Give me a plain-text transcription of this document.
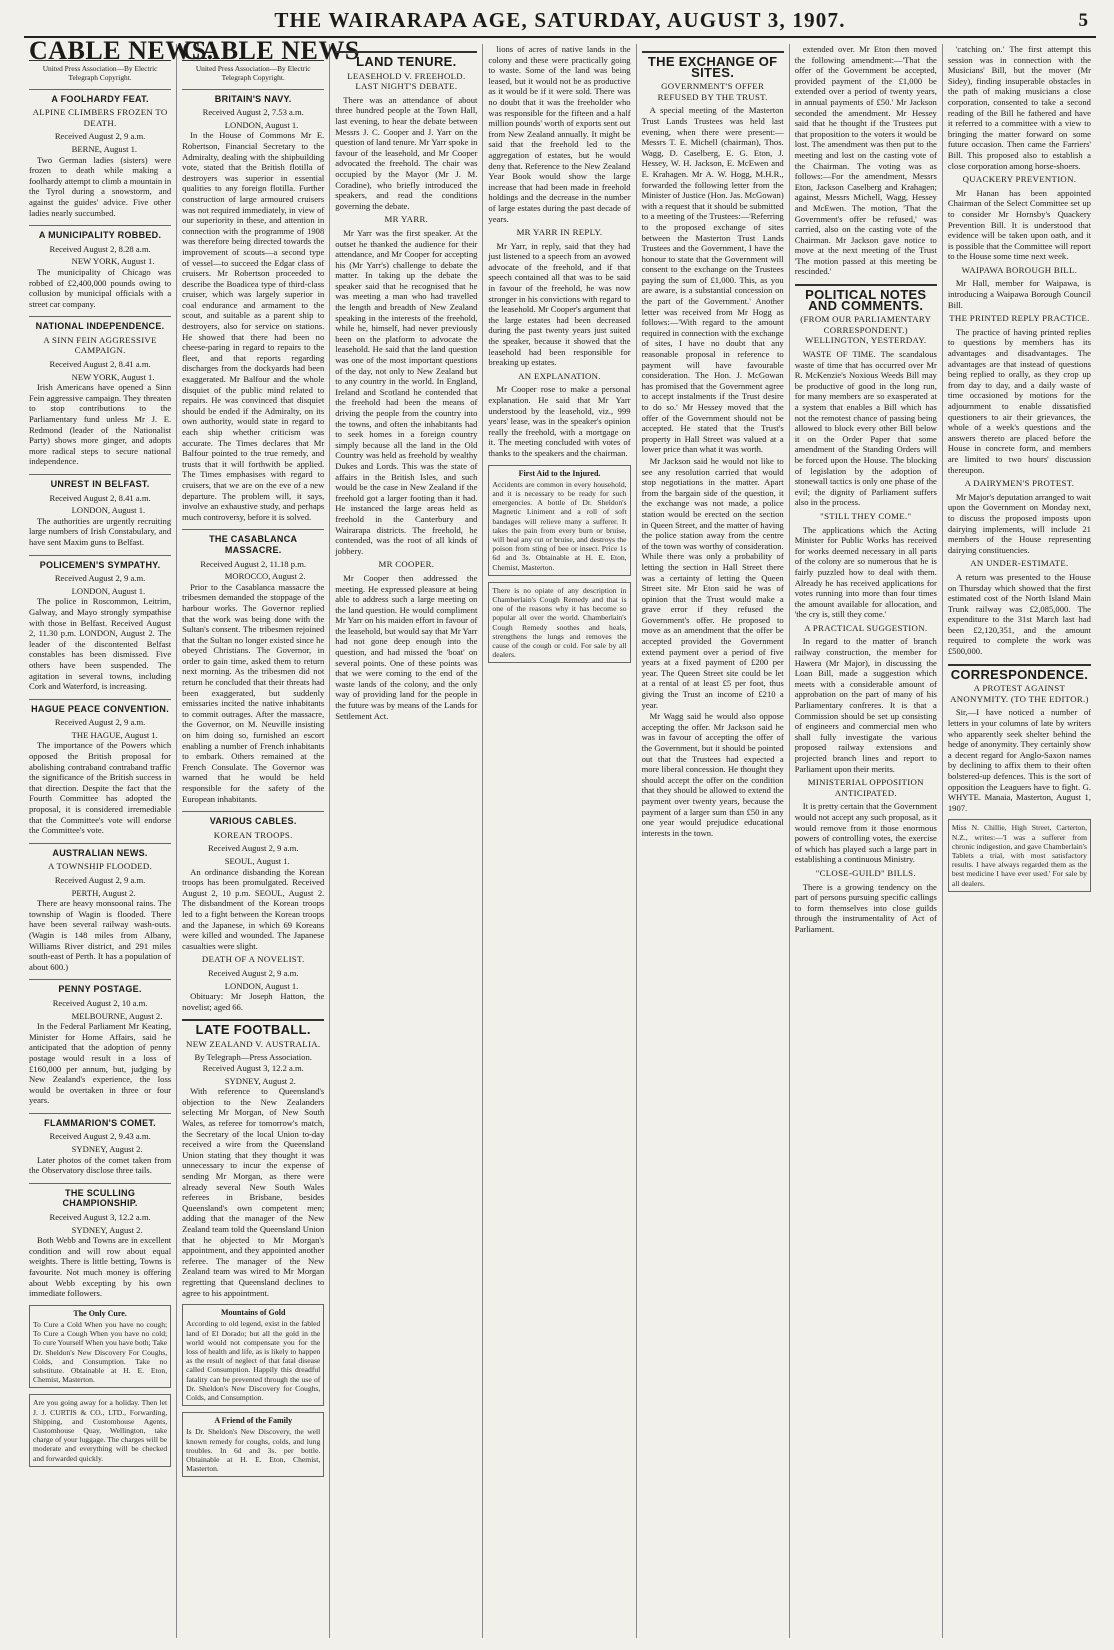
THE WAIRARAPA AGE, SATURDAY, AUGUST 3, 1907.	5
CABLE NEWS.
United Press Association—By Electric Telegraph Copyright.
A FOOLHARDY FEAT.
ALPINE CLIMBERS FROZEN TO DEATH.
Received August 2, 9 a.m.
BERNE, August 1.

Two German ladies (sisters) were frozen to death while making a foolhardy attempt to climb a mountain in the Tyrol during a snowstorm, and against the guides' advice. Five other ladies nearly succumbed.

A MUNICIPALITY ROBBED.
Received August 2, 8.28 a.m.
NEW YORK, August 1.

The municipality of Chicago was robbed of £2,400,000 pounds owing to collusion by municipal officials with a street car company.

NATIONAL INDEPENDENCE.
A SINN FEIN AGGRESSIVE CAMPAIGN.
Received August 2, 8.41 a.m.
NEW YORK, August 1.

Irish Americans have opened a Sinn Fein aggressive campaign. They threaten to stop contributions to the Parliamentary fund unless Mr J. E. Redmond (leader of the Nationalist Party) shows more ginger, and adopts more radical steps to secure national independence.

UNREST IN BELFAST.
Received August 2, 8.41 a.m.
LONDON, August 1.

The authorities are urgently recruiting large numbers of Irish Constabulary, and have sent Maxim guns to Belfast.

POLICEMEN'S SYMPATHY.
Received August 2, 9 a.m.
LONDON, August 1.

The police in Roscommon, Leitrim, Galway, and Mayo strongly sympathise with those in Belfast. Received August 2, 11.30 p.m. LONDON, August 2. The leader of the discontented Belfast constables has been dismissed. Five others have been suspended. The agitation in several towns, including Cork and Waterford, is increasing.

HAGUE PEACE CONVENTION.
Received August 2, 9 a.m.
THE HAGUE, August 1.

The importance of the Powers which opposed the British proposal for abolishing contraband contraband traffic the significance of the British success in that direction. Despite the fact that the Fourth Committee has adopted the proposal, it is considered irremediable that the Committee's vote will endorse the Committee's vote.

AUSTRALIAN NEWS.
A TOWNSHIP FLOODED.
Received August 2, 9 a.m.
PERTH, August 2.

There are heavy monsoonal rains. The township of Wagin is flooded. There have been several railway wash-outs. (Wagin is 148 miles from Albany, Williams River district, and 291 miles south-east of Perth. It has a population of about 600.)

PENNY POSTAGE.
Received August 2, 10 a.m.
MELBOURNE, August 2.

In the Federal Parliament Mr Keating, Minister for Home Affairs, said he anticipated that the adoption of penny postage would result in a loss of £160,000 per annum, but, judging by New Zealand's experience, the loss would be overtaken in three or four years.

FLAMMARION'S COMET.
Received August 2, 9.43 a.m.
SYDNEY, August 2.

Later photos of the comet taken from the Observatory disclose three tails.

THE SCULLING CHAMPIONSHIP.
Received August 3, 12.2 a.m.
SYDNEY, August 2.

Both Webb and Towns are in excellent condition and will row about equal weights. There is little betting, Towns is favourite. Not much money is offering about Webb excepting by his own immediate followers.

The Only Cure.
To Cure a Cold When you have no cough; To Cure a Cough When you have no cold; To cure Yourself When you have both; Take Dr. Sheldon's New Discovery For Coughs, Colds, and Consumption. Take no substitute. Obtainable at H. E. Eton, Chemist, Masterton.
Are you going away for a holiday. Then let J. J. CURTIS & CO., LTD., Forwarding, Shipping, and Customhouse Agents, Customhouse Quay, Wellington, take charge of your luggage. The charges will be moderate and everything will be checked and forwarded quickly.
CABLE NEWS
United Press Association—By Electric Telegraph Copyright.
BRITAIN'S NAVY.
Received August 2, 7.53 a.m.
LONDON, August 1.

In the House of Commons Mr E. Robertson, Financial Secretary to the Admiralty, dealing with the shipbuilding vote, stated that the British flotilla of destroyers was superior in essential qualities to any foreign flotilla. Further construction of large armoured cruisers was not required immediately, in view of our superiority in these, and attention in connection with the programme of 1908 was therefore being directed towards the improvement of scouts—a second type of vessel—to succeed the Edgar class of cruisers. Mr Robertson proceeded to describe the Boadicea type of third-class cruiser, which was largely superior in coal endurance and armament to the scout, and suitable as a parent ship to destroyers, also for service on stations. He showed that there had been no cheese-paring in regard to repairs to the fleet, and that reports regarding discharges from the dockyards had been exaggerated. Mr Balfour and the whole disquiet of the public mind related to repairs. He was convinced that disquiet should be ended if the Admiralty, on its own authority, would state in regard to each ship whether criticism was accurate. The Times declares that Mr Balfour pointed to the true remedy, and trusts that it will forthwith be applied. The Times emphasises with regard to cruisers, that we are on the eve of a new departure. The problem will, it says, involve an exhaustive study, and perhaps much controversy, before it is solved.

THE CASABLANCA MASSACRE.
Received August 2, 11.18 p.m.
MOROCCO, August 2.

Prior to the Casablanca massacre the tribesmen demanded the stoppage of the harbour works. The Governor replied that the work was being done with the Sultan's consent. The tribesmen rejoined that the Sultan no longer existed since he obeyed Christians. The Governor, in order to gain time, asked them to return next morning. As the tribesmen did not return he concluded that their threats had been exaggerated, but suddenly emissaries incited the native inhabitants to commit outrages. After the massacre, the Governor, on M. Neuville insisting on him doing so, furnished an escort enabling a number of French inhabitants to embark. Others remained at the French Consulate. The Governor was warned that he would be held responsible for the safety of the European inhabitants.

VARIOUS CABLES.
KOREAN TROOPS.
Received August 2, 9 a.m.
SEOUL, August 1.

An ordinance disbanding the Korean troops has been promulgated. Received August 2, 10 p.m. SEOUL, August 2. The disbandment of the Korean troops led to a fight between the Korean troops and the Japanese, in which 69 Koreans were killed and wounded. The Japanese casualties were slight.

DEATH OF A NOVELIST.
Received August 2, 9 a.m.
LONDON, August 1.

Obituary: Mr Joseph Hatton, the novelist; aged 66.

LATE FOOTBALL.
NEW ZEALAND V. AUSTRALIA.
By Telegraph—Press Association. Received August 3, 12.2 a.m.
SYDNEY, August 2.

With reference to Queensland's objection to the New Zealanders selecting Mr Morgan, of New South Wales, as referee for tomorrow's match, the Secretary of the local Union to-day received a wire from the Queensland Union stating that they thought it was unnecessary to incur the expense of sending Mr Morgan, as there were already several New South Wales referees in Brisbane, besides Queensland's own competent men; adding that the manager of the New Zealand team told the Queensland Union that he objected to Mr Morgan's appointment, and they appointed another referee. The manager of the New Zealand team was wired to Mr Morgan regretting that Queensland declines to agree to his appointment.

Mountains of Gold
According to old legend, exist in the fabled land of El Dorado; but all the gold in the world would not compensate you for the loss of health and life, as is likely to happen as the result of neglect of that fatal disease called Consumption. Happily this dreadful fatality can be prevented through the use of Dr. Sheldon's New Discovery for Coughs, Colds, and Consumption.
A Friend of the Family
Is Dr. Sheldon's New Discovery, the well known remedy for coughs, colds, and lung troubles. In 6d and 3s. per bottle. Obtainable at H. E. Eton, Chemist, Masterton.
LAND TENURE.
LEASEHOLD V. FREEHOLD. LAST NIGHT'S DEBATE.

There was an attendance of about three hundred people at the Town Hall, last evening, to hear the debate between Messrs J. C. Cooper and J. Yarr on the question of land tenure. Mr Yarr spoke in favour of the leasehold, and Mr Cooper advocated the freehold. The chair was occupied by the Mayor (Mr J. M. Coradine), who briefly introduced the speakers, and read the conditions governing the debate.

MR YARR.

Mr Yarr was the first speaker. At the outset he thanked the audience for their attendance, and Mr Cooper for accepting his (Mr Yarr's) challenge to debate the matter. In taking up the debate the speaker said that he recognised that he was meeting a man who had travelled the length and breadth of New Zealand speaking in the interests of the freehold, while he, himself, had never previously been on the platform to advocate the leasehold. He said that the land question was one of the most important questions of the day, not only to New Zealand but to any country in the world. In England, Ireland and Scotland he contended that the freehold had been the means of driving the people from the country into the towns, and often the inhabitants had to seek homes in a foreign country simply because all the land in the Old Country was held as freehold by wealthy Dukes and Lords. This was the state of affairs in the British Isles, and such would be the case in New Zealand if the freehold got a larger footing than it had. He instanced the large areas held as freehold in the Canterbury and Wairarapa districts. The freehold, he contended, was the root of all kinds of jobbery.

MR COOPER.

Mr Cooper then addressed the meeting. He expressed pleasure at being able to address such a large meeting on the land question. He would compliment Mr Yarr on his maiden effort in favour of the leasehold, but would say that Mr Yarr had not gone deep enough into the question, and had missed the 'boat' on several points. One of these points was that we were coming to the end of the waste lands of the colony, and the only way of providing land for the people in the future was by means of the Lands for Settlement Act.

lions of acres of native lands in the colony and these were practically going to waste. Some of the land was being leased, but it would not be as productive as it would be if it were sold. There was no doubt that it was the freeholder who was responsible for the fifteen and a half million pounds' worth of exports sent out from New Zealand annually. It might be said that the freehold led to the aggregation of estates, but he would deny that. Reference to the New Zealand Year Book would show the large increase that had been made in freehold holdings and the decrease in the number of large estates during the past decade of years.

MR YARR IN REPLY.

Mr Yarr, in reply, said that they had just listened to a speech from an avowed advocate of the freehold, and if that speech contained all that was to be said in favour of the freehold, he was now stronger in his convictions with regard to the leasehold. Mr Cooper's argument that the large estates had been decreased during the past twenty years just suited the speaker, because it showed that the leasehold had been responsible for breaking up estates.

AN EXPLANATION.

Mr Cooper rose to make a personal explanation. He said that Mr Yarr understood by the leasehold, viz., 999 years' lease, was in the speaker's opinion really the freehold, with a mortgage on it. The meeting concluded with votes of thanks to the speakers and the chairman.

First Aid to the Injured.
Accidents are common in every household, and it is necessary to be ready for such emergencies. A bottle of Dr. Sheldon's Magnetic Liniment and a roll of soft bandages will relieve many a sufferer. It takes the pain from every burn or bruise, will heal any cut or bruise, and destroys the poison from sting of bee or insect. Price 1s 6d and 3s. Obtainable at H. E. Eton, Chemist, Masterton.
There is no opiate of any description in Chamberlain's Cough Remedy and that is one of the reasons why it has become so popular all over the world. Chamberlain's Cough Remedy soothes and heals, strengthens the lungs and removes the cause of the cough or cold. For sale by all dealers.
THE EXCHANGE OF SITES.
GOVERNMENT'S OFFER REFUSED BY THE TRUST.

A special meeting of the Masterton Trust Lands Trustees was held last evening, when there were present:—Messrs T. E. Michell (chairman), Thos. Wagg, D. Caselberg, E. G. Eton, J. Hessey, W. H. Jackson, E. McEwen and E. Krahagen. Mr A. W. Hogg, M.H.R., forwarded the following letter from the Minister of Justice (Hon. Jas. McGowan) with a request that it should be submitted to a meeting of the Trustees:—'Referring to the proposed exchange of sites between the Masterton Trust Lands Trustees and the Government, I have the honour to state that the Government will consent to the exchange on the Trustees paying the sum of £1,000. This, as you are aware, is a substantial concession on the part of the Government.' Another letter was received from Mr Hogg as follows:—'With regard to the amount required in connection with the exchange of sites, I have no doubt that any reasonable proposal in reference to payment will have favourable consideration. The Hon. J. McGowan has promised that the Government agree to accept instalments if the Trust desire to do so.' Mr Hessey moved that the offer of the Government should not be accepted. He stated that the Trust's property in Hall Street was valued at a lower price than what it was worth.

Mr Jackson said he would not like to see any resolution carried that would stop negotiations in the matter. Apart from the bargain side of the question, it the exchange was not made, a police station would be erected on the section in Queen Street, and the matter of having the police station away from the centre of the town was worthy of consideration. While there was only a probability of letting the section in Hall Street there was a certainty of letting the Queen Street site. Mr Eton said he was of opinion that the Trust would make a grave error if they refused the Government's offer. He proposed to move as an amendment that the offer be accepted provided the Government extend payment over a period of five years at a fixed payment of £200 per year. The Queen Street site could be let at a rental of at least £5 per foot, thus giving the Trust an income of £210 a year.

Mr Wagg said he would also oppose accepting the offer. Mr Jackson said he was in favour of accepting the offer of the Government, but it should be pointed out that the Trustees had expected a more liberal concession. He thought they should accept the offer on the condition that they should be allowed to extend the payment over twenty years, because the payment of a larger sum than £50 in any one year would prejudice educational interests in the town.

extended over. Mr Eton then moved the following amendment:—'That the offer of the Government be accepted, provided payment of the £1,000 be extended over a period of twenty years, in annual payments of £50.' Mr Jackson seconded the amendment. Mr Hessey said that he thought if the Trustees put that proposition to the voters it would be lost. The amendment was then put to the meeting and lost on the casting vote of the Chairman. The voting was as follows:—For the amendment, Messrs Eton, Jackson Caselberg and Krahagen; against, Messrs Michell, Wagg, Hessey and McEwen. The motion, 'That the Government's offer be refused,' was carried, also on the casting vote of the Chairman. Mr Jackson gave notice to move at the next meeting of the Trust 'The motion passed at this meeting be rescinded.'

POLITICAL NOTES AND COMMENTS.
(FROM OUR PARLIAMENTARY CORRESPONDENT.) WELLINGTON, YESTERDAY.

WASTE OF TIME. The scandalous waste of time that has occurred over Mr R. McKenzie's Noxious Weeds Bill may be productive of good in the long run, for many members are so exasperated at a system that enables a Bill which has not the remotest chance of passing being allowed to block every other Bill below it on the Order Paper that some amendment of the Standing Orders will be forced upon the House. The blocking of legislation by the adoption of stonewall tactics is only one phase of the evil; the dignity of Parliament suffers also in the process.

"STILL THEY COME."

The applications which the Acting Minister for Public Works has received for works deemed necessary in all parts of the colony are so numerous that he is fairly puzzled how to deal with them. Already he has received applications for votes running into more than four times the amount available for allocation, and 'the cry is, still they come.'

A PRACTICAL SUGGESTION.

In regard to the matter of branch railway construction, the member for Hawera (Mr Major), in discussing the Loan Bill, made a suggestion which meets with a considerable amount of approbation on the part of many of his Parliamentary confreres. It is that a Commission should be set up consisting of engineers and commercial men who shall fully investigate the various proposed railway extensions and projected branch lines and report to Parliament upon their merits.

MINISTERIAL OPPOSITION ANTICIPATED.

It is pretty certain that the Government would not accept any such proposal, as it would remove from it those enormous powers of controlling votes, the exercise of which has played such a large part in establishing a continuous Ministry.

"CLOSE-GUILD" BILLS.

There is a growing tendency on the part of persons pursuing specific callings to form themselves into close guilds through the instrumentality of Act of Parliament.

'catching on.' The first attempt this session was in connection with the Musicians' Bill, but the mover (Mr Sidey), finding insuperable obstacles in the path of making musicians a close corporation, consented to take a second reading of the Bill he fathered and have it referred to a committee with a view to bringing the matter forward on some future occasion. Then came the Farriers' Bill. This proposed also to establish a close corporation among horse-shoers.

QUACKERY PREVENTION.

Mr Hanan has been appointed Chairman of the Select Committee set up to consider Mr Hornsby's Quackery Prevention Bill. It is understood that evidence will be taken upon oath, and it is possible that the Committee will report to the House some time next week.

WAIPAWA BOROUGH BILL.

Mr Hall, member for Waipawa, is introducing a Waipawa Borough Council Bill.

THE PRINTED REPLY PRACTICE.

The practice of having printed replies to questions by members has its advantages and disadvantages. The advantages are that instead of questions being replied to orally, as they crop up from day to day, and a daily waste of time occasioned by motions for the adjournment to enable dissatisfied questioners to air their grievances, the whole of a week's questions and the answers thereto are placed before the House in concrete form, and members are limited to two hours' discussion thereupon.

A DAIRYMEN'S PROTEST.

Mr Major's deputation arranged to wait upon the Government on Monday next, to discuss the proposed imposts upon dairying implements, will include 21 members of the House representing dairying constituencies.

AN UNDER-ESTIMATE.

A return was presented to the House on Thursday which showed that the first estimated cost of the North Island Main Trunk railway was £2,085,000. The expenditure to the 31st March last had been £2,120,351, and the amount required to complete the work was £500,000.

CORRESPONDENCE.
A PROTEST AGAINST ANONYMITY. (TO THE EDITOR.)

Sir,—I have noticed a number of letters in your columns of late by writers who apparently seek shelter behind the hedge of anonymity. They certainly show a decent regard for Anglo-Saxon names by declining to affix them to their often bolstered-up defences. This is the sort of opposition the Leaguers have to fight. G. WHYTE. Manaia, Masterton, August 1, 1907.

Miss N. Chillie, High Street, Carterton, N.Z., writes:—'I was a sufferer from chronic indigestion, and gave Chamberlain's Tablets a trial, with most satisfactory results. I have always regarded them as the best medicine I have ever used.' For sale by all dealers.
